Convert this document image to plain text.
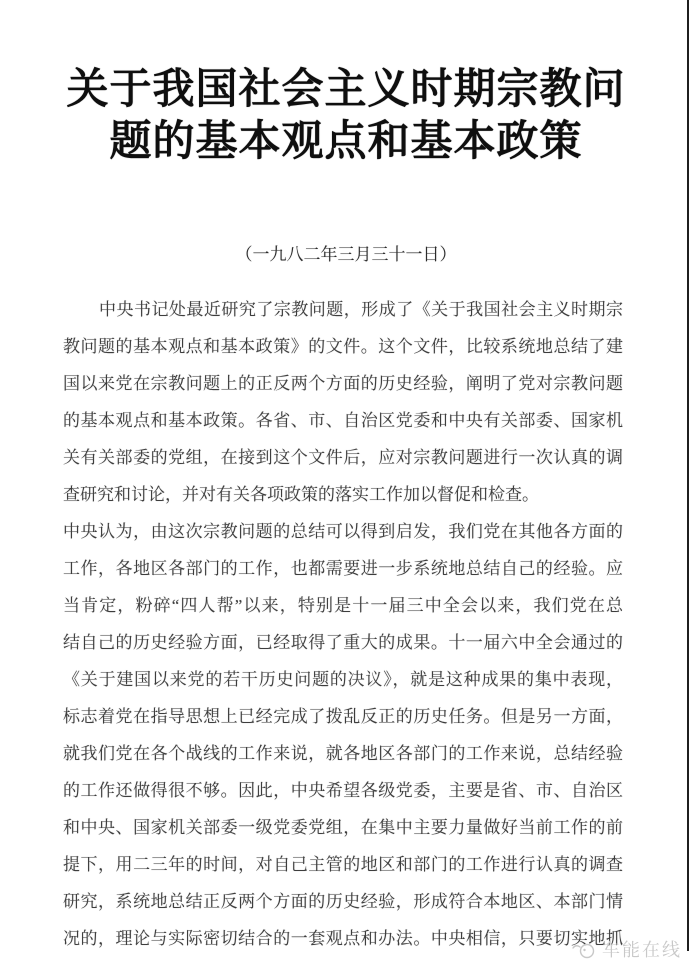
关于我国社会主义时期宗教问
题的基本观点和基本政策
（一九八二年三月三十一日）
中央书记处最近研究了宗教问题，形成了《关于我国社会主义时期宗
教问题的基本观点和基本政策》的文件。这个文件，比较系统地总结了建
国以来党在宗教问题上的正反两个方面的历史经验，阐明了党对宗教问题
的基本观点和基本政策。各省、市、自治区党委和中央有关部委、国家机
关有关部委的党组，在接到这个文件后，应对宗教问题进行一次认真的调
查研究和讨论，并对有关各项政策的落实工作加以督促和检查。
中央认为，由这次宗教问题的总结可以得到启发，我们党在其他各方面的
工作，各地区各部门的工作，也都需要进一步系统地总结自己的经验。应
当肯定，粉碎“四人帮”以来，特别是十一届三中全会以来，我们党在总
结自己的历史经验方面，已经取得了重大的成果。十一届六中全会通过的
《关于建国以来党的若干历史问题的决议》，就是这种成果的集中表现，
标志着党在指导思想上已经完成了拨乱反正的历史任务。但是另一方面，
就我们党在各个战线的工作来说，就各地区各部门的工作来说，总结经验
的工作还做得很不够。因此，中央希望各级党委，主要是省、市、自治区
和中央、国家机关部委一级党委党组，在集中主要力量做好当前工作的前
提下，用二三年的时间，对自己主管的地区和部门的工作进行认真的调查
研究，系统地总结正反两个方面的历史经验，形成符合本地区、本部门情
况的，理论与实际密切结合的一套观点和办法。中央相信，只要切实地抓
车能在线
